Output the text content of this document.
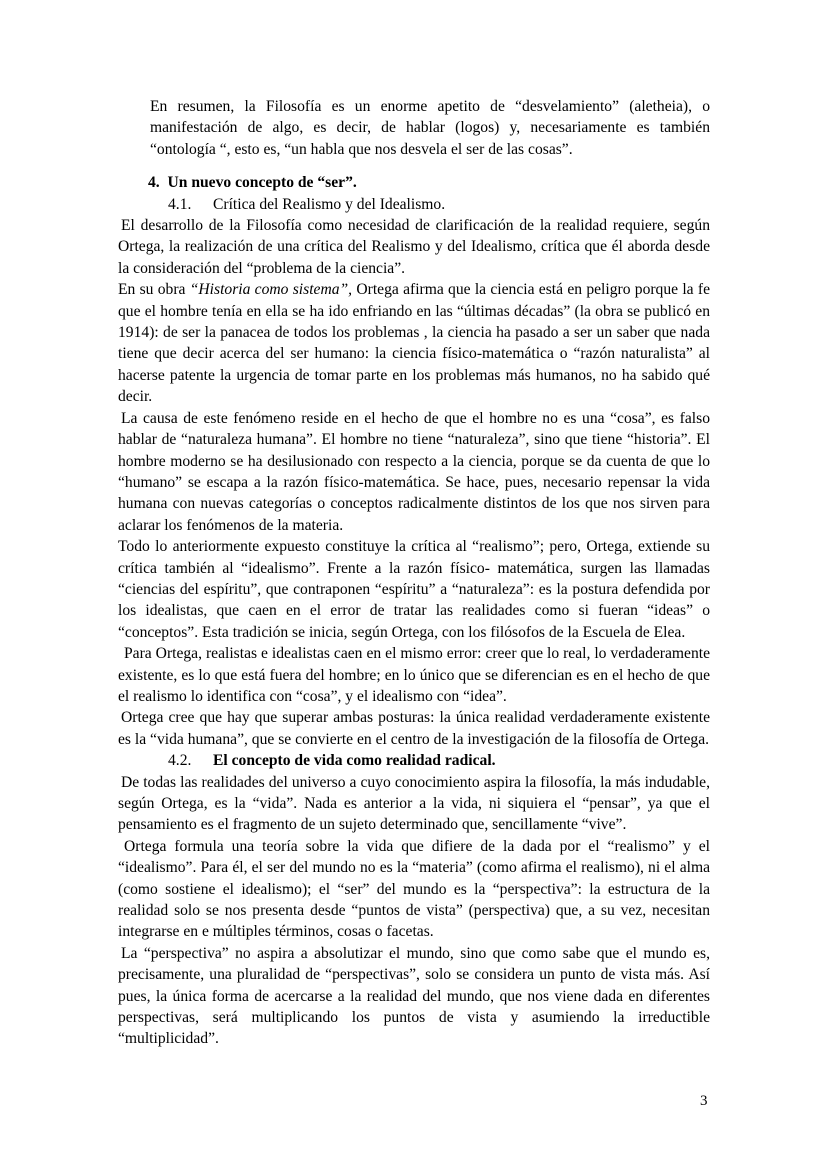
En resumen, la Filosofía es un enorme apetito de “desvelamiento” (aletheia), o manifestación de algo, es decir, de hablar (logos) y, necesariamente es también “ontología “, esto es, “un habla que nos desvela el ser de las cosas”.

4. Un nuevo concepto de “ser”.

4.1. Crítica del Realismo y del Idealismo.

El desarrollo de la Filosofía como necesidad de clarificación de la realidad requiere, según Ortega, la realización de una crítica del Realismo y del Idealismo, crítica que él aborda desde la consideración del “problema de la ciencia”.

En su obra “Historia como sistema”, Ortega afirma que la ciencia está en peligro porque la fe que el hombre tenía en ella se ha ido enfriando en las “últimas décadas” (la obra se publicó en 1914): de ser la panacea de todos los problemas , la ciencia ha pasado a ser un saber que nada tiene que decir acerca del ser humano: la ciencia físico-matemática o “razón naturalista” al hacerse patente la urgencia de tomar parte en los problemas más humanos, no ha sabido qué decir.

La causa de este fenómeno reside en el hecho de que el hombre no es una “cosa”, es falso hablar de “naturaleza humana”. El hombre no tiene “naturaleza”, sino que tiene “historia”. El hombre moderno se ha desilusionado con respecto a la ciencia, porque se da cuenta de que lo “humano” se escapa a la razón físico-matemática. Se hace, pues, necesario repensar la vida humana con nuevas categorías o conceptos radicalmente distintos de los que nos sirven para aclarar los fenómenos de la materia.

Todo lo anteriormente expuesto constituye la crítica al “realismo”; pero, Ortega, extiende su crítica también al “idealismo”. Frente a la razón físico- matemática, surgen las llamadas “ciencias del espíritu”, que contraponen “espíritu” a “naturaleza”: es la postura defendida por los idealistas, que caen en el error de tratar las realidades como si fueran “ideas” o “conceptos”. Esta tradición se inicia, según Ortega, con los filósofos de la Escuela de Elea.

Para Ortega, realistas e idealistas caen en el mismo error: creer que lo real, lo verdaderamente existente, es lo que está fuera del hombre; en lo único que se diferencian es en el hecho de que el realismo lo identifica con “cosa”, y el idealismo con “idea”.

Ortega cree que hay que superar ambas posturas: la única realidad verdaderamente existente es la “vida humana”, que se convierte en el centro de la investigación de la filosofía de Ortega.

4.2. El concepto de vida como realidad radical.

De todas las realidades del universo a cuyo conocimiento aspira la filosofía, la más indudable, según Ortega, es la “vida”. Nada es anterior a la vida, ni siquiera el “pensar”, ya que el pensamiento es el fragmento de un sujeto determinado que, sencillamente “vive”.

Ortega formula una teoría sobre la vida que difiere de la dada por el “realismo” y el “idealismo”. Para él, el ser del mundo no es la “materia” (como afirma el realismo), ni el alma (como sostiene el idealismo); el “ser” del mundo es la “perspectiva”: la estructura de la realidad solo se nos presenta desde “puntos de vista” (perspectiva) que, a su vez, necesitan integrarse en e múltiples términos, cosas o facetas.

La “perspectiva” no aspira a absolutizar el mundo, sino que como sabe que el mundo es, precisamente, una pluralidad de “perspectivas”, solo se considera un punto de vista más. Así pues, la única forma de acercarse a la realidad del mundo, que nos viene dada en diferentes perspectivas, será multiplicando los puntos de vista y asumiendo la irreductible “multiplicidad”.

3
